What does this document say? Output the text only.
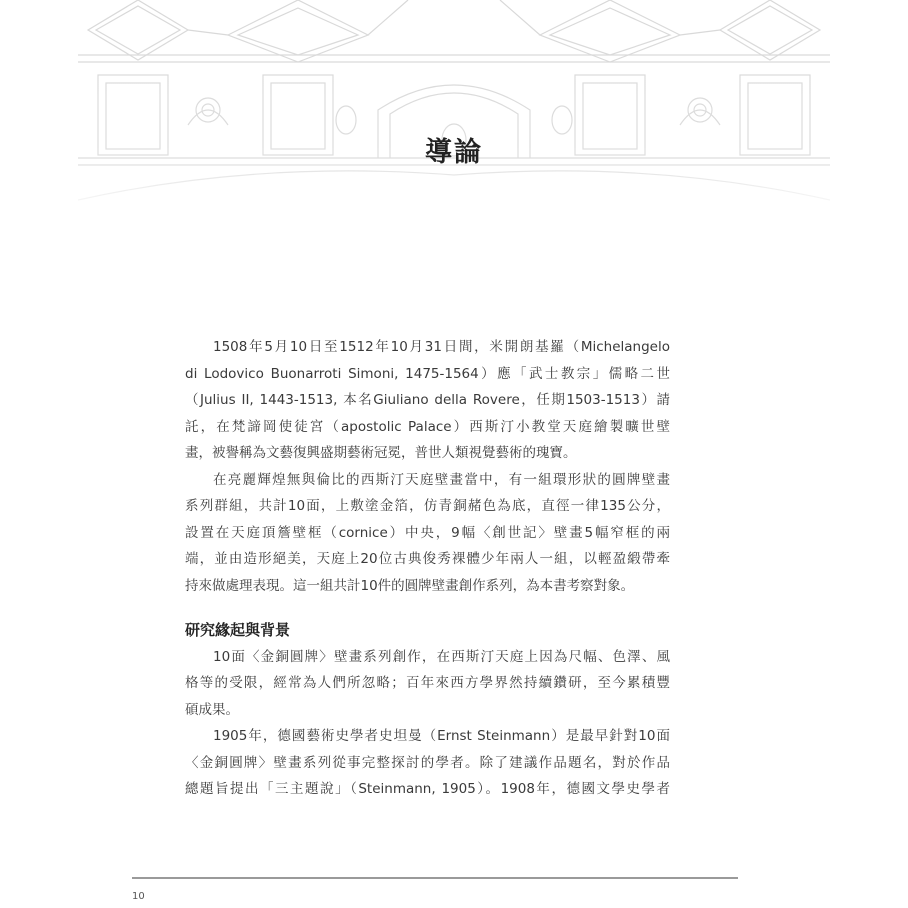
導論
1508年5月10日至1512年10月31日間，米開朗基羅（Michelangelo
di Lodovico Buonarroti Simoni, 1475-1564）應「武士教宗」儒略二世
（Julius II, 1443-1513, 本名Giuliano della Rovere，任期1503-1513）請
託，在梵諦岡使徒宮（apostolic Palace）西斯汀小教堂天庭繪製曠世壁
畫，被譽稱為文藝復興盛期藝術冠冕，普世人類視覺藝術的瑰寶。
在亮麗輝煌無與倫比的西斯汀天庭壁畫當中，有一組環形狀的圓牌壁畫
系列群組，共計10面，上敷塗金箔，仿青銅赭色為底，直徑一律135公分，
設置在天庭頂簷壁框（cornice）中央，9幅〈創世記〉壁畫5幅窄框的兩
端，並由造形絕美，天庭上20位古典俊秀裸體少年兩人一組，以輕盈緞帶牽
持來做處理表現。這一組共計10件的圓牌壁畫創作系列，為本書考察對象。
研究緣起與背景
10面〈金銅圓牌〉壁畫系列創作，在西斯汀天庭上因為尺幅、色澤、風
格等的受限，經常為人們所忽略；百年來西方學界然持續鑽研，至今累積豐
碩成果。
1905年，德國藝術史學者史坦曼（Ernst Steinmann）是最早針對10面
〈金銅圓牌〉壁畫系列從事完整探討的學者。除了建議作品題名，對於作品
總題旨提出「三主題說」（Steinmann, 1905）。1908年，德國文學史學者
10
